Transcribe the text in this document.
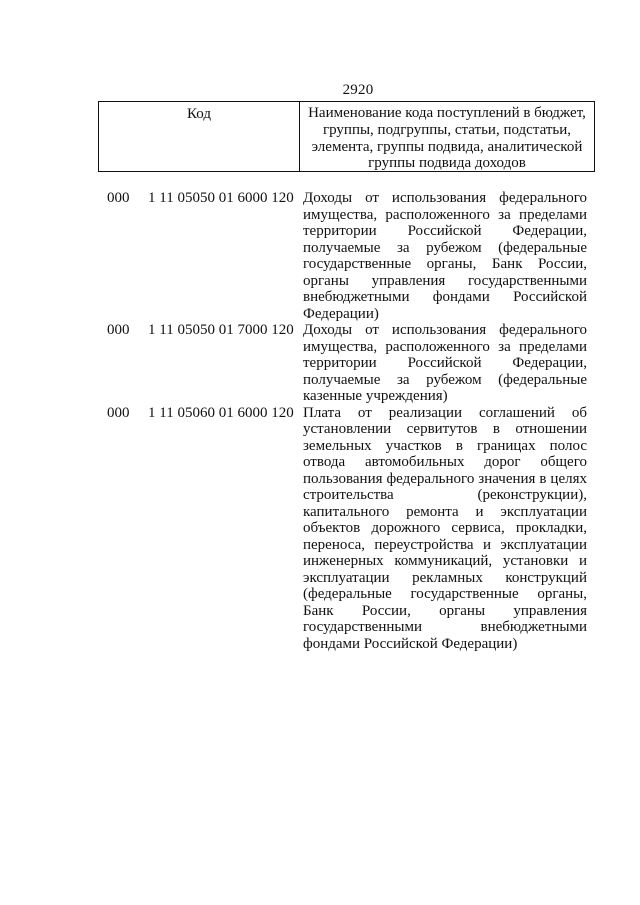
2920
Код	Наименование кода поступлений в бюджет, группы, подгруппы, статьи, подстатьи, элемента, группы подвида, аналитической группы подвида доходов
000 1 11 05050 01 6000 120 Доходы от использования федерального имущества, расположенного за пределами территории Российской Федерации, получаемые за рубежом (федеральные государственные органы, Банк России, органы управления государственными внебюджетными фондами Российской Федерации)
000 1 11 05050 01 7000 120 Доходы от использования федерального имущества, расположенного за пределами территории Российской Федерации, получаемые за рубежом (федеральные казенные учреждения)
000 1 11 05060 01 6000 120 Плата от реализации соглашений об установлении сервитутов в отношении земельных участков в границах полос отвода автомобильных дорог общего пользования федерального значения в целях строительства (реконструкции), капитального ремонта и эксплуатации объектов дорожного сервиса, прокладки, переноса, переустройства и эксплуатации инженерных коммуникаций, установки и эксплуатации рекламных конструкций (федеральные государственные органы, Банк России, органы управления государственными внебюджетными фондами Российской Федерации)
